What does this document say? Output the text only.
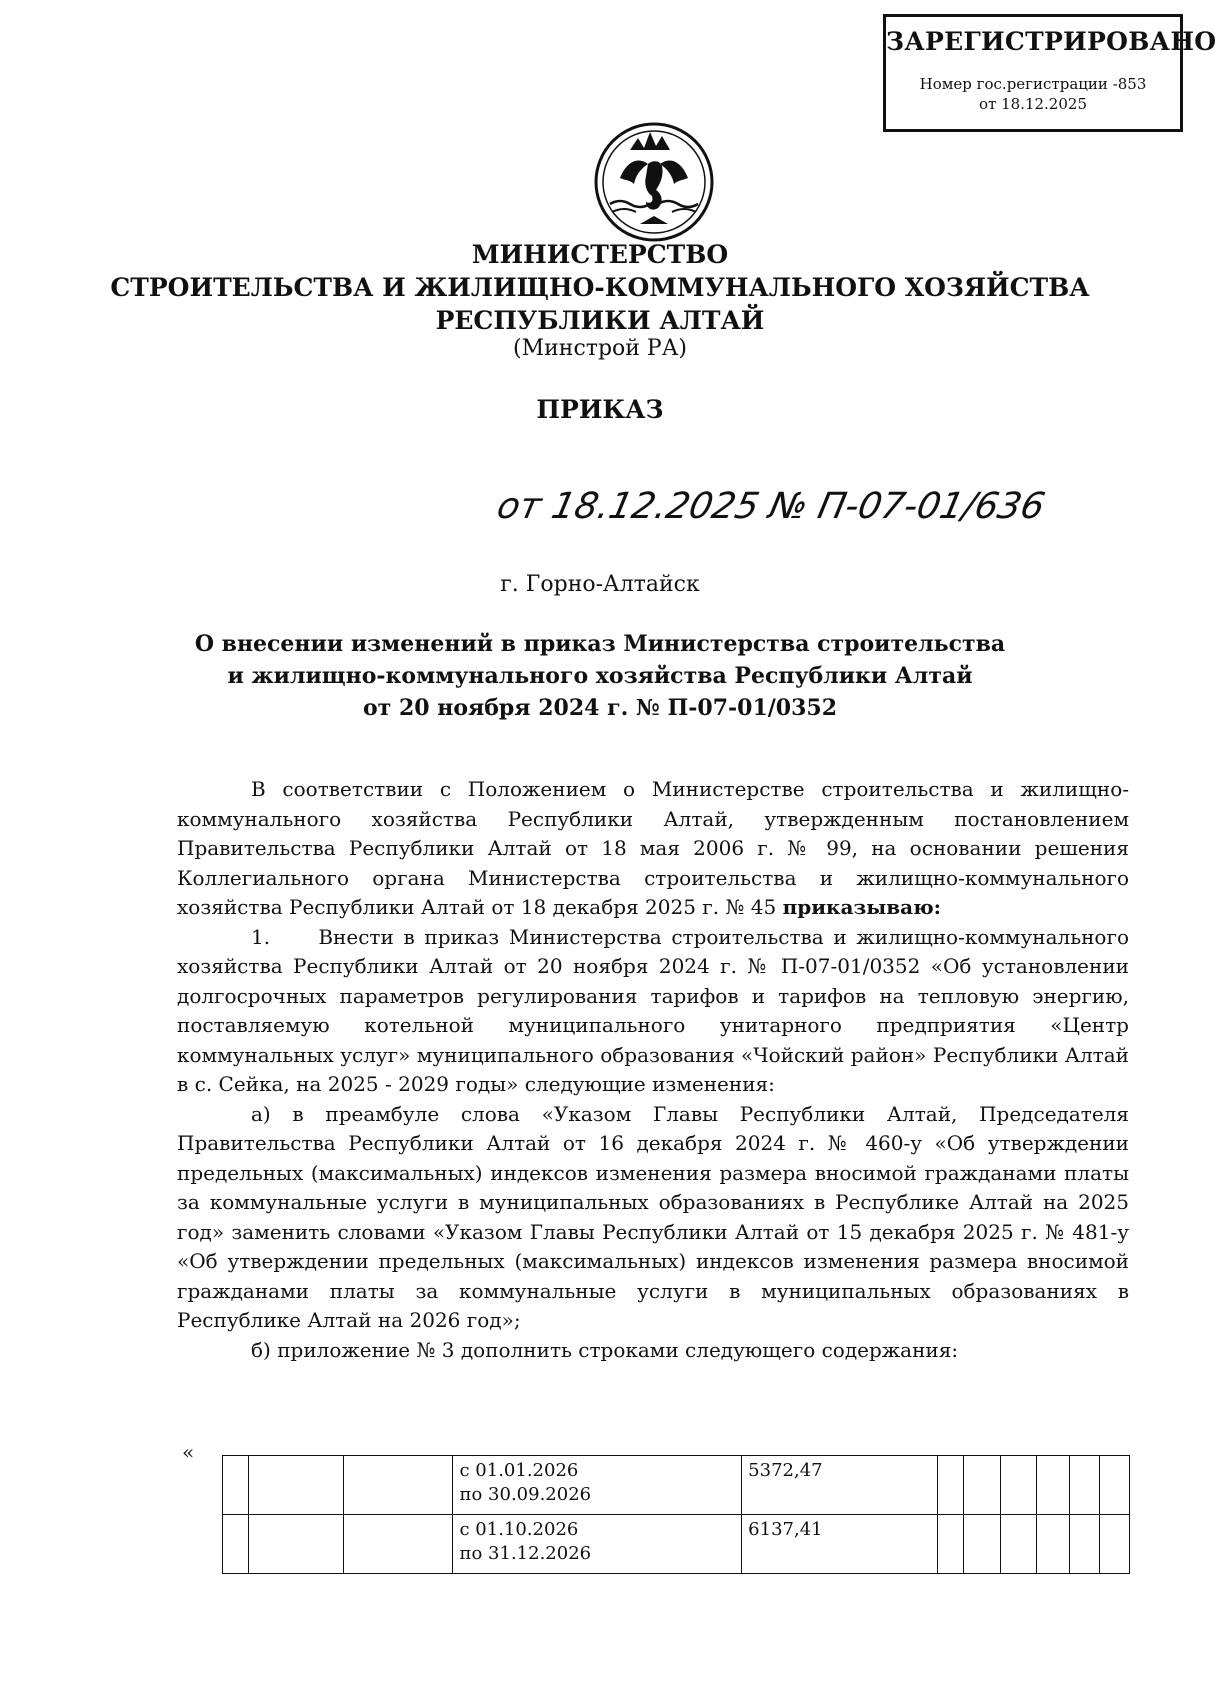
ЗАРЕГИСТРИРОВАНО
Номер гос.регистрации -853
от 18.12.2025
МИНИСТЕРСТВО
СТРОИТЕЛЬСТВА И ЖИЛИЩНО-КОММУНАЛЬНОГО ХОЗЯЙСТВА
РЕСПУБЛИКИ АЛТАЙ
(Минстрой РА)
ПРИКАЗ
от 18.12.2025 № П-07-01/636
г. Горно-Алтайск
О внесении изменений в приказ Министерства строительства
и жилищно-коммунального хозяйства Республики Алтай
от 20 ноября 2024 г. № П-07-01/0352

В соответствии с Положением о Министерстве строительства и жилищно-коммунального хозяйства Республики Алтай, утвержденным постановлением Правительства Республики Алтай от 18 мая 2006 г. № 99, на основании решения Коллегиального органа Министерства строительства и жилищно-коммунального хозяйства Республики Алтай от 18 декабря 2025 г. № 45 приказываю:

1.     Внести в приказ Министерства строительства и жилищно-коммунального хозяйства Республики Алтай от 20 ноября 2024 г. № П-07-01/0352 «Об установлении долгосрочных параметров регулирования тарифов и тарифов на тепловую энергию, поставляемую котельной муниципального унитарного предприятия «Центр коммунальных услуг» муниципального образования «Чойский район» Республики Алтай в с. Сейка, на 2025 - 2029 годы» следующие изменения:

а) в преамбуле слова «Указом Главы Республики Алтай, Председателя Правительства Республики Алтай от 16 декабря 2024 г. № 460-у «Об утверждении предельных (максимальных) индексов изменения размера вносимой гражданами платы за коммунальные услуги в муниципальных образованиях в Республике Алтай на 2025 год» заменить словами «Указом Главы Республики Алтай от 15 декабря 2025 г. № 481-у «Об утверждении предельных (максимальных) индексов изменения размера вносимой гражданами платы за коммунальные услуги в муниципальных образованиях в Республике Алтай на 2026 год»;

б) приложение № 3 дополнить строками следующего содержания:

«

			с 01.01.2026
по 30.09.2026	5372,47						

			с 01.10.2026
по 31.12.2026	6137,41						
